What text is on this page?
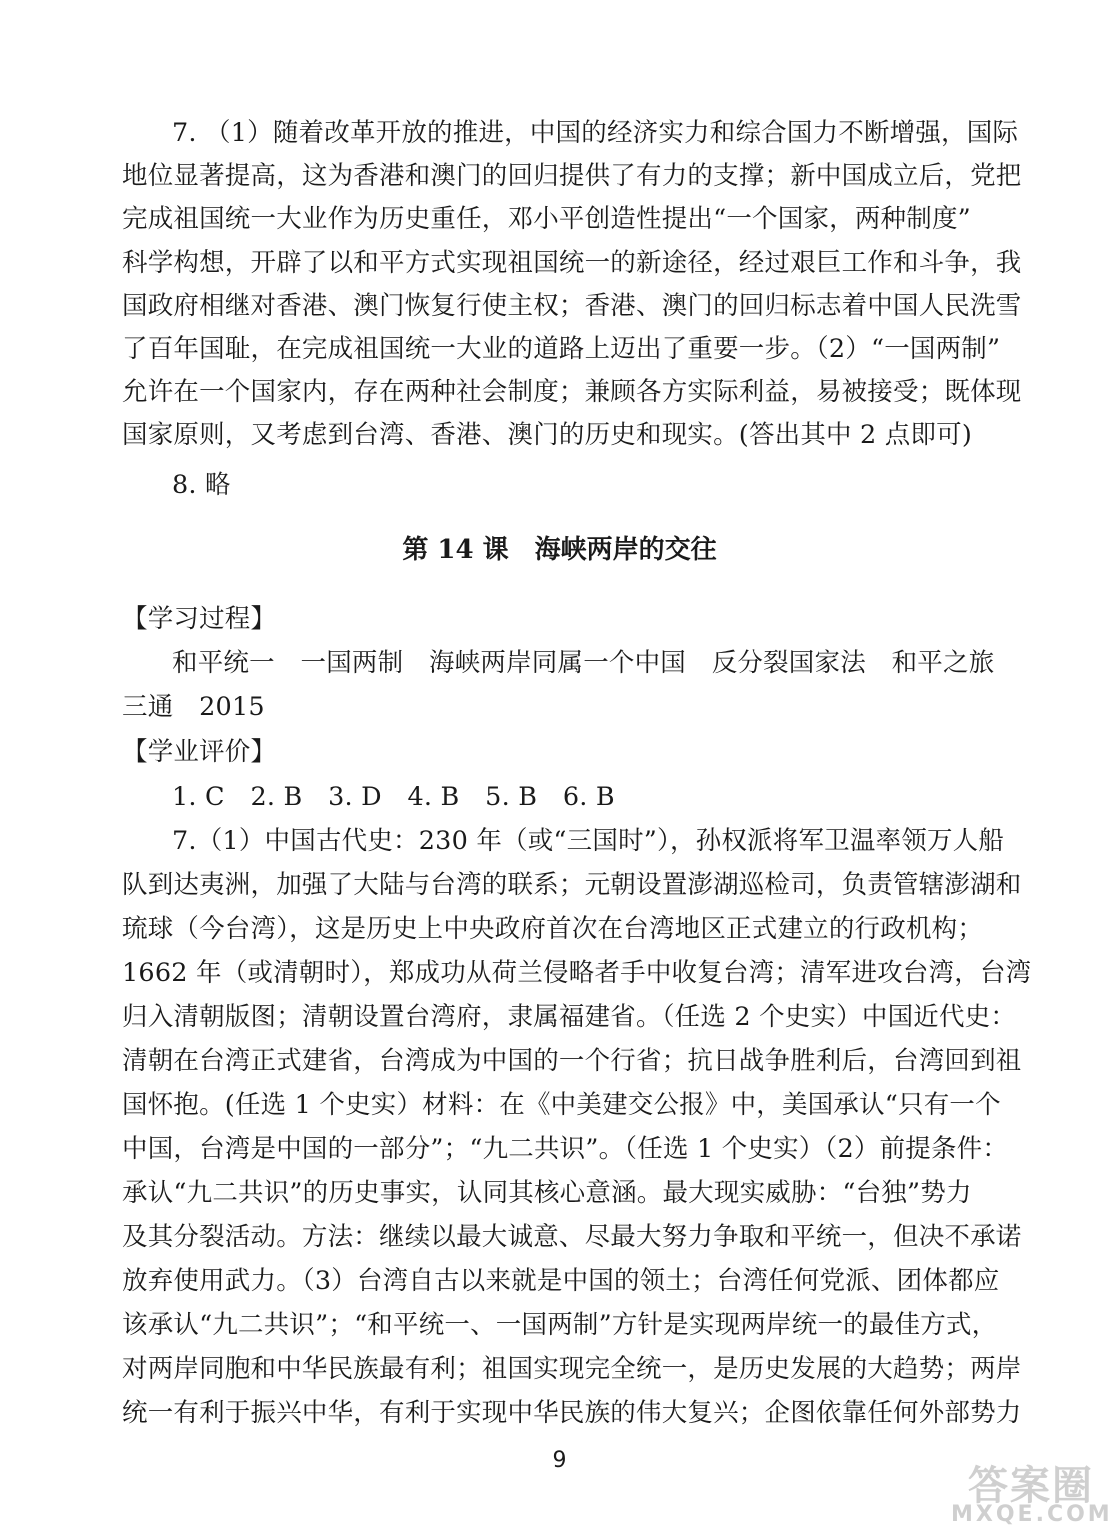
7. （1）随着改革开放的推进，中国的经济实力和综合国力不断增强，国际
地位显著提高，这为香港和澳门的回归提供了有力的支撑；新中国成立后，党把
完成祖国统一大业作为历史重任，邓小平创造性提出“一个国家，两种制度”
科学构想，开辟了以和平方式实现祖国统一的新途径，经过艰巨工作和斗争，我
国政府相继对香港、澳门恢复行使主权；香港、澳门的回归标志着中国人民洗雪
了百年国耻，在完成祖国统一大业的道路上迈出了重要一步。（2）“一国两制”
允许在一个国家内，存在两种社会制度；兼顾各方实际利益，易被接受；既体现
国家原则，又考虑到台湾、香港、澳门的历史和现实。(答出其中 2 点即可)
8. 略
第 14 课　海峡两岸的交往
【学习过程】
和平统一　一国两制　海峡两岸同属一个中国　反分裂国家法　和平之旅
三通　2015
【学业评价】
1. C　2. B　3. D　4. B　5. B　6. B
7.（1）中国古代史：230 年（或“三国时”），孙权派将军卫温率领万人船
队到达夷洲，加强了大陆与台湾的联系；元朝设置澎湖巡检司，负责管辖澎湖和
琉球（今台湾），这是历史上中央政府首次在台湾地区正式建立的行政机构；
1662 年（或清朝时），郑成功从荷兰侵略者手中收复台湾；清军进攻台湾，台湾
归入清朝版图；清朝设置台湾府，隶属福建省。（任选 2 个史实）中国近代史：
清朝在台湾正式建省，台湾成为中国的一个行省；抗日战争胜利后，台湾回到祖
国怀抱。(任选 1 个史实）材料：在《中美建交公报》中，美国承认“只有一个
中国，台湾是中国的一部分”；“九二共识”。（任选 1 个史实）（2）前提条件：
承认“九二共识”的历史事实，认同其核心意涵。最大现实威胁：“台独”势力
及其分裂活动。方法：继续以最大诚意、尽最大努力争取和平统一，但决不承诺
放弃使用武力。（3）台湾自古以来就是中国的领土；台湾任何党派、团体都应
该承认“九二共识”；“和平统一、一国两制”方针是实现两岸统一的最佳方式，
对两岸同胞和中华民族最有利；祖国实现完全统一，是历史发展的大趋势；两岸
统一有利于振兴中华，有利于实现中华民族的伟大复兴；企图依靠任何外部势力
9
答案圈
MXQE.COM
